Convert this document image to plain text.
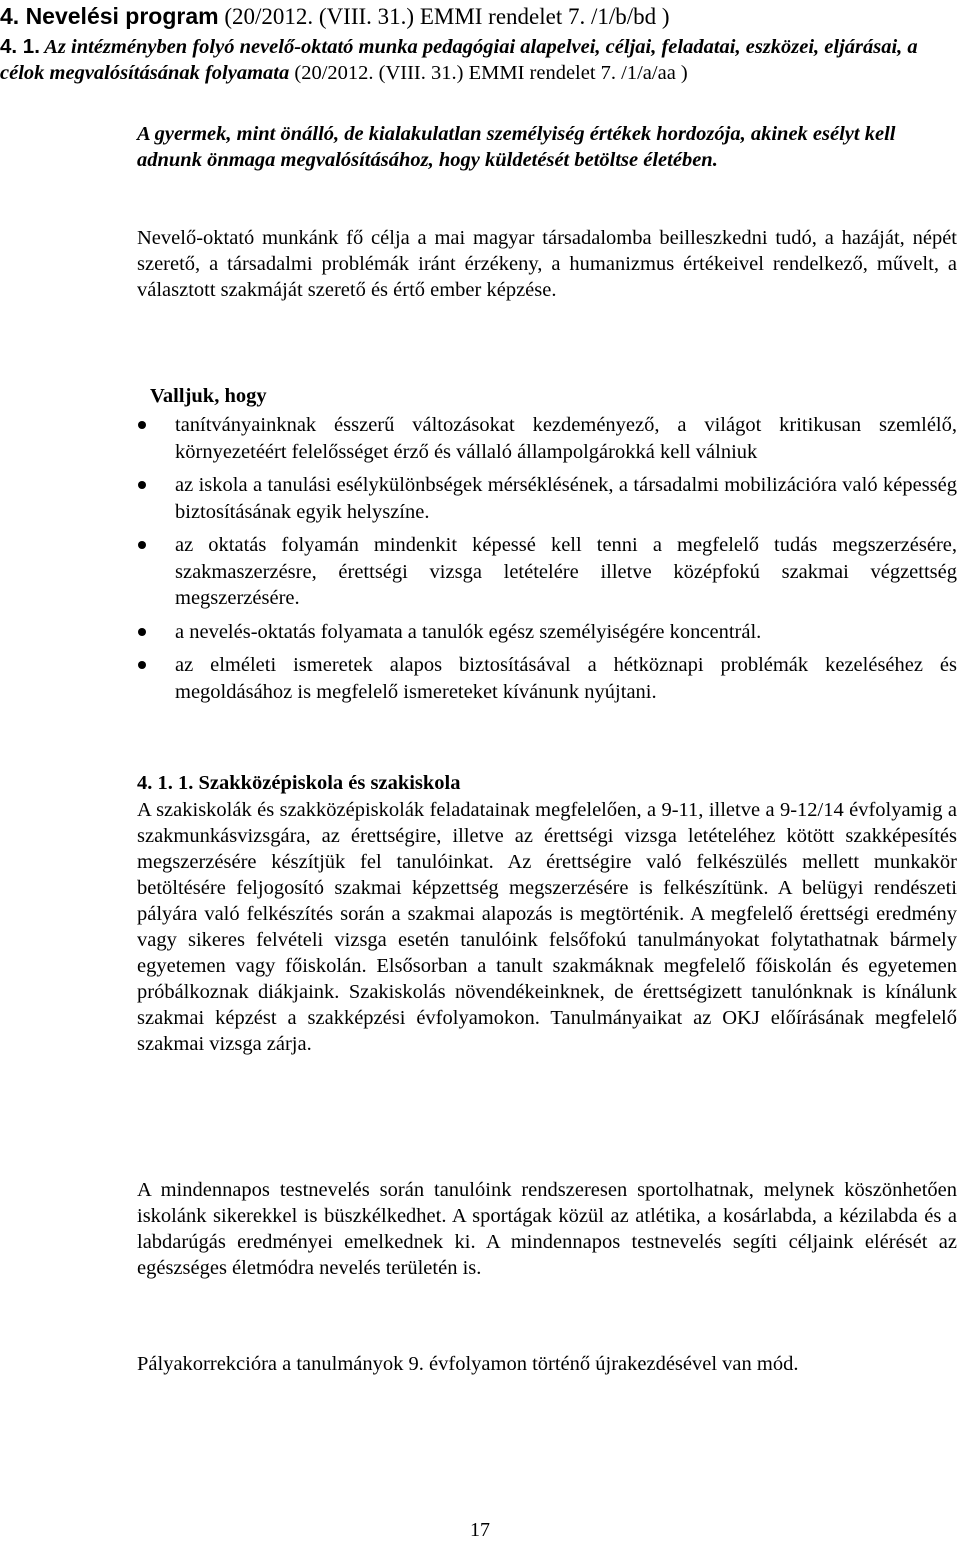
4. Nevelési program (20/2012. (VIII. 31.) EMMI rendelet 7. /1/b/bd )
4. 1. Az intézményben folyó nevelő-oktató munka pedagógiai alapelvei, céljai, feladatai, eszközei, eljárásai, a célok megvalósításának folyamata (20/2012. (VIII. 31.) EMMI rendelet 7. /1/a/aa )
A gyermek, mint önálló, de kialakulatlan személyiség értékek hordozója, akinek esélyt kell adnunk önmaga megvalósításához, hogy küldetését betöltse életében.
Nevelő-oktató munkánk fő célja a mai magyar társadalomba beilleszkedni tudó, a hazáját, népét szerető, a társadalmi problémák iránt érzékeny, a humanizmus értékeivel rendelkező, művelt, a választott szakmáját szerető és értő ember képzése.
Valljuk, hogy
tanítványainknak ésszerű változásokat kezdeményező, a világot kritikusan szemlélő, környezetéért felelősséget érző és vállaló állampolgárokká kell válniuk
az iskola a tanulási esélykülönbségek mérséklésének, a társadalmi mobilizációra való képesség biztosításának egyik helyszíne.
az oktatás folyamán mindenkit képessé kell tenni a megfelelő tudás megszerzésére, szakmaszerzésre, érettségi vizsga letételére illetve középfokú szakmai végzettség megszerzésére.
a nevelés-oktatás folyamata a tanulók egész személyiségére koncentrál.
az elméleti ismeretek alapos biztosításával a hétköznapi problémák kezeléséhez és megoldásához is megfelelő ismereteket kívánunk nyújtani.
4. 1. 1. Szakközépiskola és szakiskola
A szakiskolák és szakközépiskolák feladatainak megfelelően, a 9-11, illetve a 9-12/14 évfolyamig a szakmunkásvizsgára, az érettségire, illetve az érettségi vizsga letételéhez kötött szakképesítés megszerzésére készítjük fel tanulóinkat. Az érettségire való felkészülés mellett munkakör betöltésére feljogosító szakmai képzettség megszerzésére is felkészítünk. A belügyi rendészeti pályára való felkészítés során a szakmai alapozás is megtörténik. A megfelelő érettségi eredmény vagy sikeres felvételi vizsga esetén tanulóink felsőfokú tanulmányokat folytathatnak bármely egyetemen vagy főiskolán. Elsősorban a tanult szakmáknak megfelelő főiskolán és egyetemen próbálkoznak diákjaink. Szakiskolás növendékeinknek, de érettségizett tanulónknak is kínálunk szakmai képzést a szakképzési évfolyamokon. Tanulmányaikat az OKJ előírásának megfelelő szakmai vizsga zárja.
A mindennapos testnevelés során tanulóink rendszeresen sportolhatnak, melynek köszönhetően iskolánk sikerekkel is büszkélkedhet. A sportágak közül az atlétika, a kosárlabda, a kézilabda és a labdarúgás eredményei emelkednek ki. A mindennapos testnevelés segíti céljaink elérését az egészséges életmódra nevelés területén is.
Pályakorrekcióra a tanulmányok 9. évfolyamon történő újrakezdésével van mód.
17
